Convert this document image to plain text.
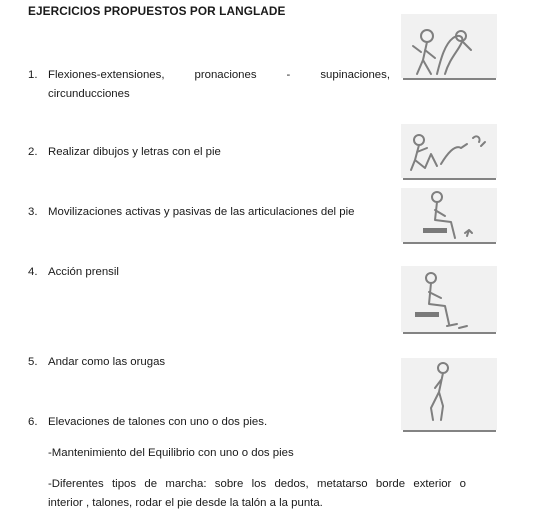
EJERCICIOS PROPUESTOS POR LANGLADE
1. Flexiones-extensiones,     pronaciones     -     supinaciones,
circunducciones
2. Realizar dibujos y letras con el pie
3. Movilizaciones activas y pasivas de las articulaciones del pie
4. Acción prensil
5. Andar como las orugas
6. Elevaciones de talones con uno o dos pies.
-Mantenimiento del Equilibrio con uno o dos pies
-Diferentes tipos de marcha: sobre los dedos, metatarso borde exterior o
interior , talones, rodar el pie desde la talón a la punta.
